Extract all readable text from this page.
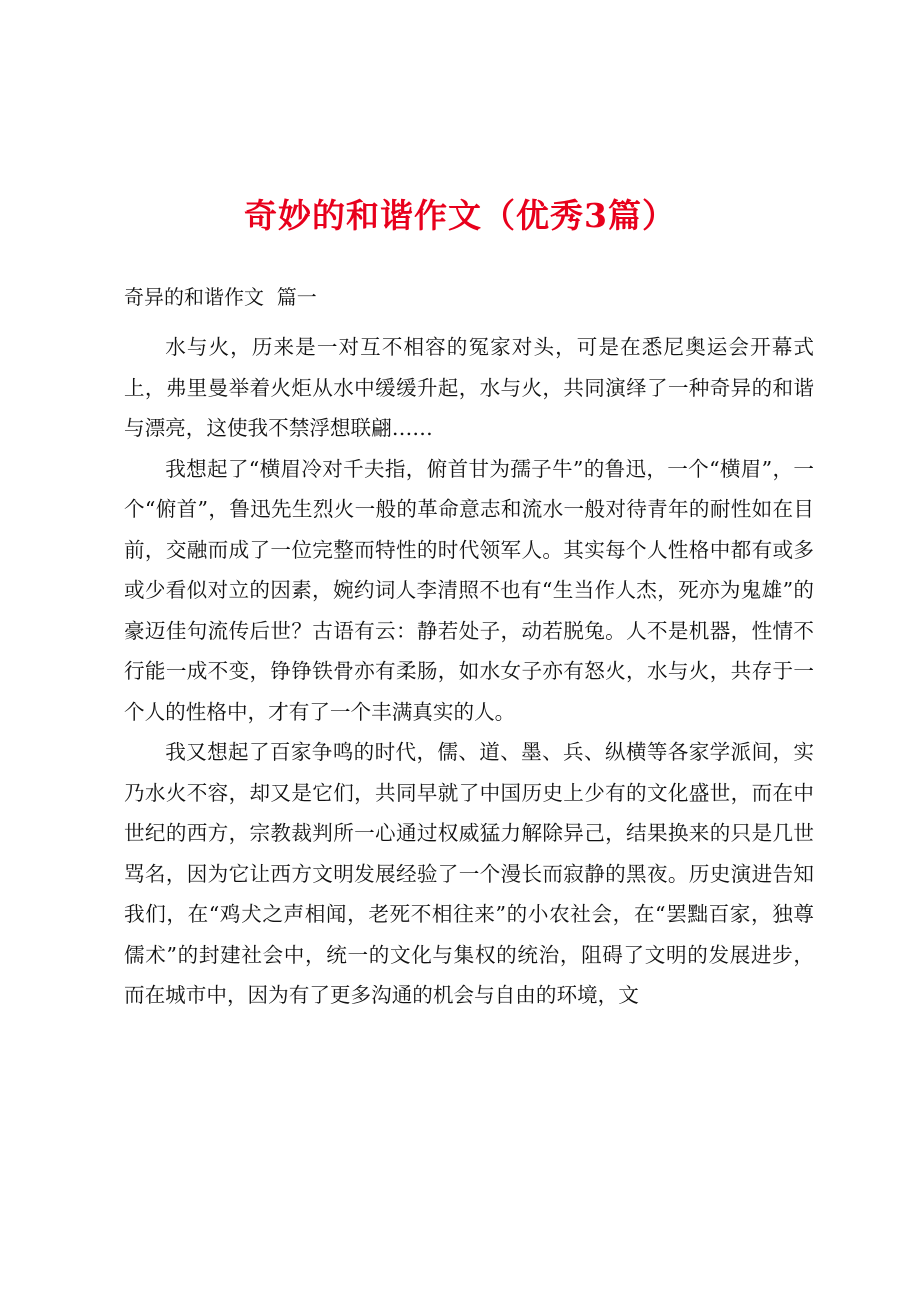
奇妙的和谐作文（优秀3篇）

奇异的和谐作文  篇一

水与火，历来是一对互不相容的冤家对头，可是在悉尼奥运会开幕式上，弗里曼举着火炬从水中缓缓升起，水与火，共同演绎了一种奇异的和谐与漂亮，这使我不禁浮想联翩……

我想起了“横眉冷对千夫指，俯首甘为孺子牛”的鲁迅，一个“横眉”，一个“俯首”，鲁迅先生烈火一般的革命意志和流水一般对待青年的耐性如在目前，交融而成了一位完整而特性的时代领军人。其实每个人性格中都有或多或少看似对立的因素，婉约词人李清照不也有“生当作人杰，死亦为鬼雄”的豪迈佳句流传后世？古语有云：静若处子，动若脱兔。人不是机器，性情不行能一成不变，铮铮铁骨亦有柔肠，如水女子亦有怒火，水与火，共存于一个人的性格中，才有了一个丰满真实的人。

我又想起了百家争鸣的时代，儒、道、墨、兵、纵横等各家学派间，实乃水火不容，却又是它们，共同早就了中国历史上少有的文化盛世，而在中世纪的西方，宗教裁判所一心通过权威猛力解除异己，结果换来的只是几世骂名，因为它让西方文明发展经验了一个漫长而寂静的黑夜。历史演进告知我们，在“鸡犬之声相闻，老死不相往来”的小农社会，在“罢黜百家，独尊儒术”的封建社会中，统一的文化与集权的统治，阻碍了文明的发展进步，而在城市中，因为有了更多沟通的机会与自由的环境，文
